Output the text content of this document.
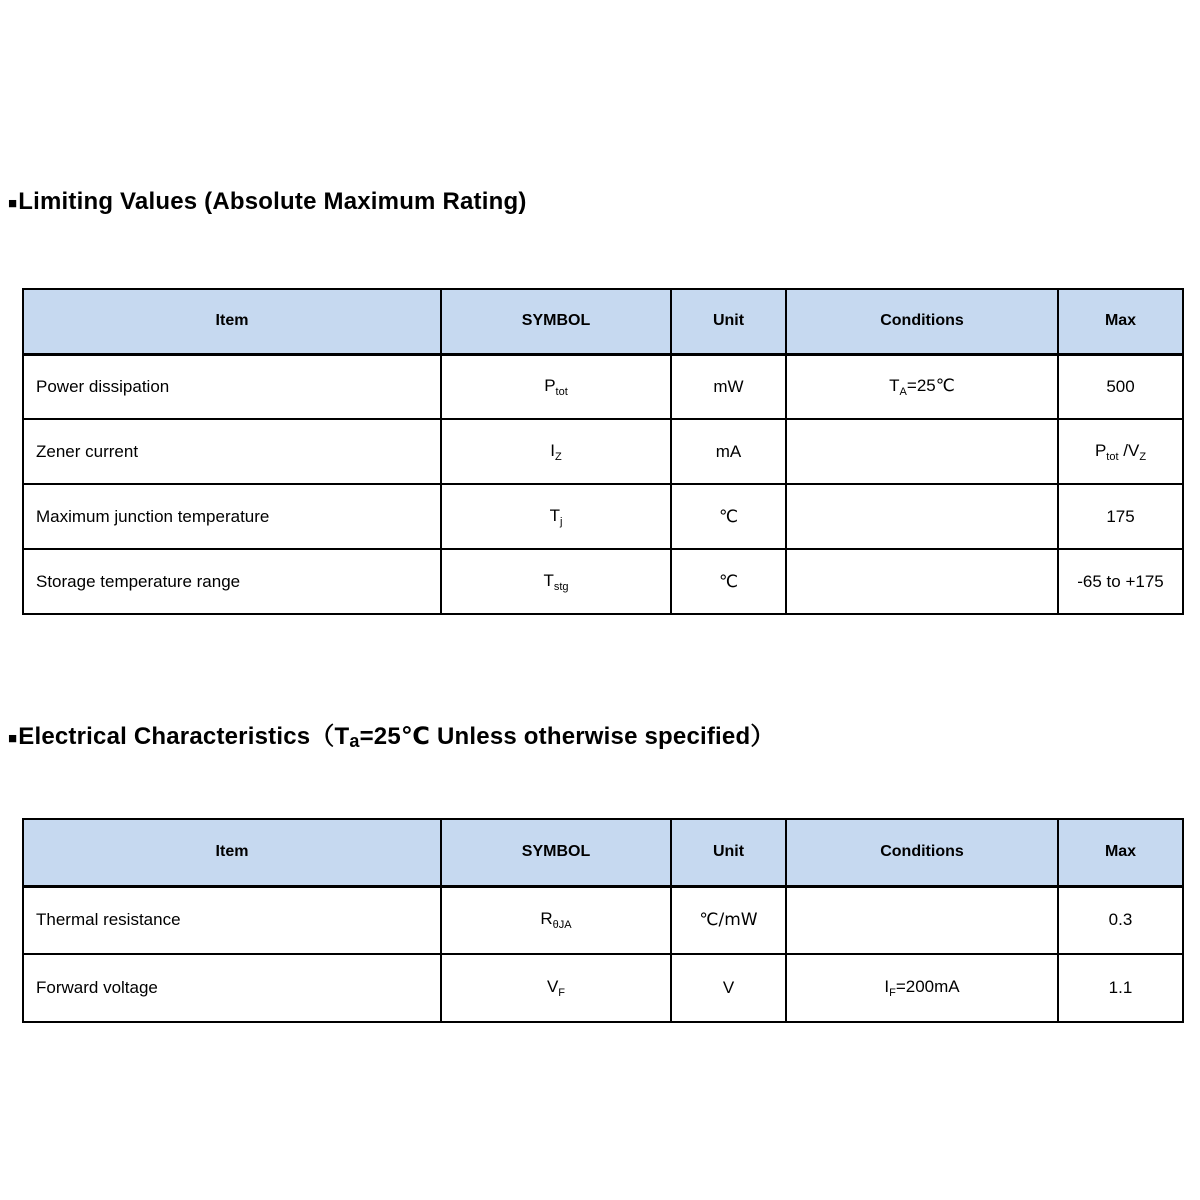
■Limiting Values (Absolute Maximum Rating)
Item	SYMBOL	Unit	Conditions	Max
Power dissipation	$P_{tot}$	mW	$T_A=25℃$	500
Zener current	$I_Z$	mA		$P_{tot}$ $/V_Z$
Maximum junction temperature	$T_j$	℃		175
Storage temperature range	$T_{stg}$	℃		-65 to +175
■Electrical Characteristics（Ta=25℃ Unless otherwise specified）
Item	SYMBOL	Unit	Conditions	Max
Thermal resistance	$R_{\theta JA}$	℃/mW		0.3
Forward voltage	$V_F$	V	$I_F=200mA$	1.1
